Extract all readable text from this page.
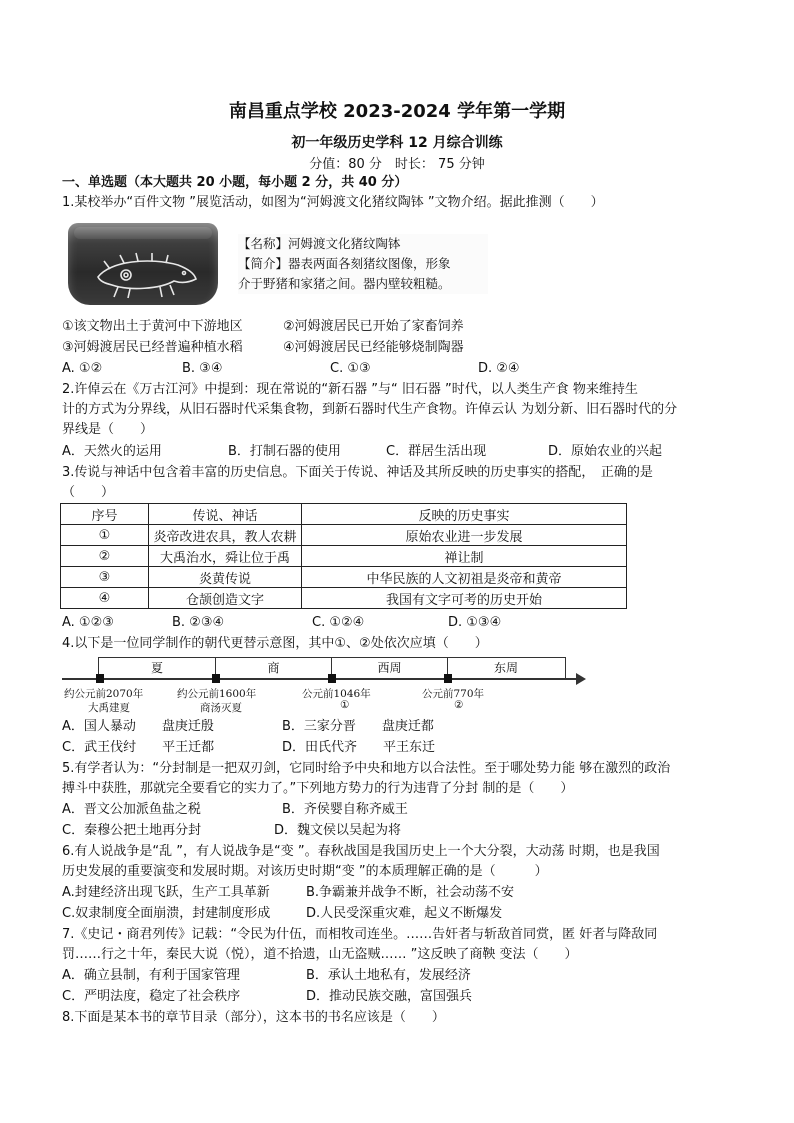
南昌重点学校 2023-2024 学年第一学期
初一年级历史学科 12 月综合训练
分值：80 分　时长： 75 分钟
一、单选题（本大题共 20 小题，每小题 2 分，共 40 分）
1.某校举办“百件文物 ”展览活动，如图为“河姆渡文化猪纹陶钵 ”文物介绍。据此推测（　　）
【名称】河姆渡文化猪纹陶钵
【简介】器表两面各刻猪纹图像，形象
介于野猪和家猪之间。器内壁较粗糙。
①该文物出土于黄河中下游地区	②河姆渡居民已开始了家畜饲养
③河姆渡居民已经普遍种植水稻	④河姆渡居民已经能够烧制陶器
A. ①②	B. ③④	C. ①③	D. ②④
2.许倬云在《万古江河》中提到：现在常说的“新石器 ”与“ 旧石器 ”时代，以人类生产食 物来维持生
计的方式为分界线，从旧石器时代采集食物，到新石器时代生产食物。许倬云认 为划分新、旧石器时代的分
界线是（　　）
A．天然火的运用	B．打制石器的使用	C．群居生活出现	D．原始农业的兴起
3.传说与神话中包含着丰富的历史信息。下面关于传说、神话及其所反映的历史事实的搭配，　正确的是
（　　）
序号	传说、神话	反映的历史事实
①	炎帝改进农具，教人农耕	原始农业进一步发展
②	大禹治水，舜让位于禹	禅让制
③	炎黄传说	中华民族的人文初祖是炎帝和黄帝
④	仓颉创造文字	我国有文字可考的历史开始
A. ①②③	B. ②③④	C. ①②④	D. ①③④
4.以下是一位同学制作的朝代更替示意图，其中①、②处依次应填（　　）
夏	商	西周	东周
约公元前2070年
大禹建夏
约公元前1600年
商汤灭夏
公元前1046年
①
公元前770年
②
A．国人暴动　　盘庚迁殷	B．三家分晋　　盘庚迁都
C．武王伐纣　　平王迁都	D．田氏代齐　　平王东迁
5.有学者认为：“分封制是一把双刃剑，它同时给予中央和地方以合法性。至于哪处势力能 够在激烈的政治
搏斗中获胜，那就完全要看它的实力了。”下列地方势力的行为违背了分封 制的是（　　）
A．晋文公加派鱼盐之税	B．齐侯婴自称齐威王
C．秦穆公把土地再分封	D．魏文侯以吴起为将
6.有人说战争是“乱 ”，有人说战争是“变 ”。春秋战国是我国历史上一个大分裂，大动荡 时期，也是我国
历史发展的重要演变和发展时期。对该历史时期“变 ”的本质理解正确的是（　　　）
A.封建经济出现飞跃，生产工具革新	B.争霸兼并战争不断，社会动荡不安
C.奴隶制度全面崩溃，封建制度形成	D.人民受深重灾难，起义不断爆发
7.《史记・商君列传》记载：“令民为什伍，而相牧司连坐。……告奸者与斩敌首同赏，匿 奸者与降敌同
罚……行之十年，秦民大说（悦），道不拾遗，山无盗贼…… ”这反映了商鞅 变法（　　）
A．确立县制，有利于国家管理	B．承认土地私有，发展经济
C．严明法度，稳定了社会秩序	D．推动民族交融，富国强兵
8.下面是某本书的章节目录（部分），这本书的书名应该是（　　）
